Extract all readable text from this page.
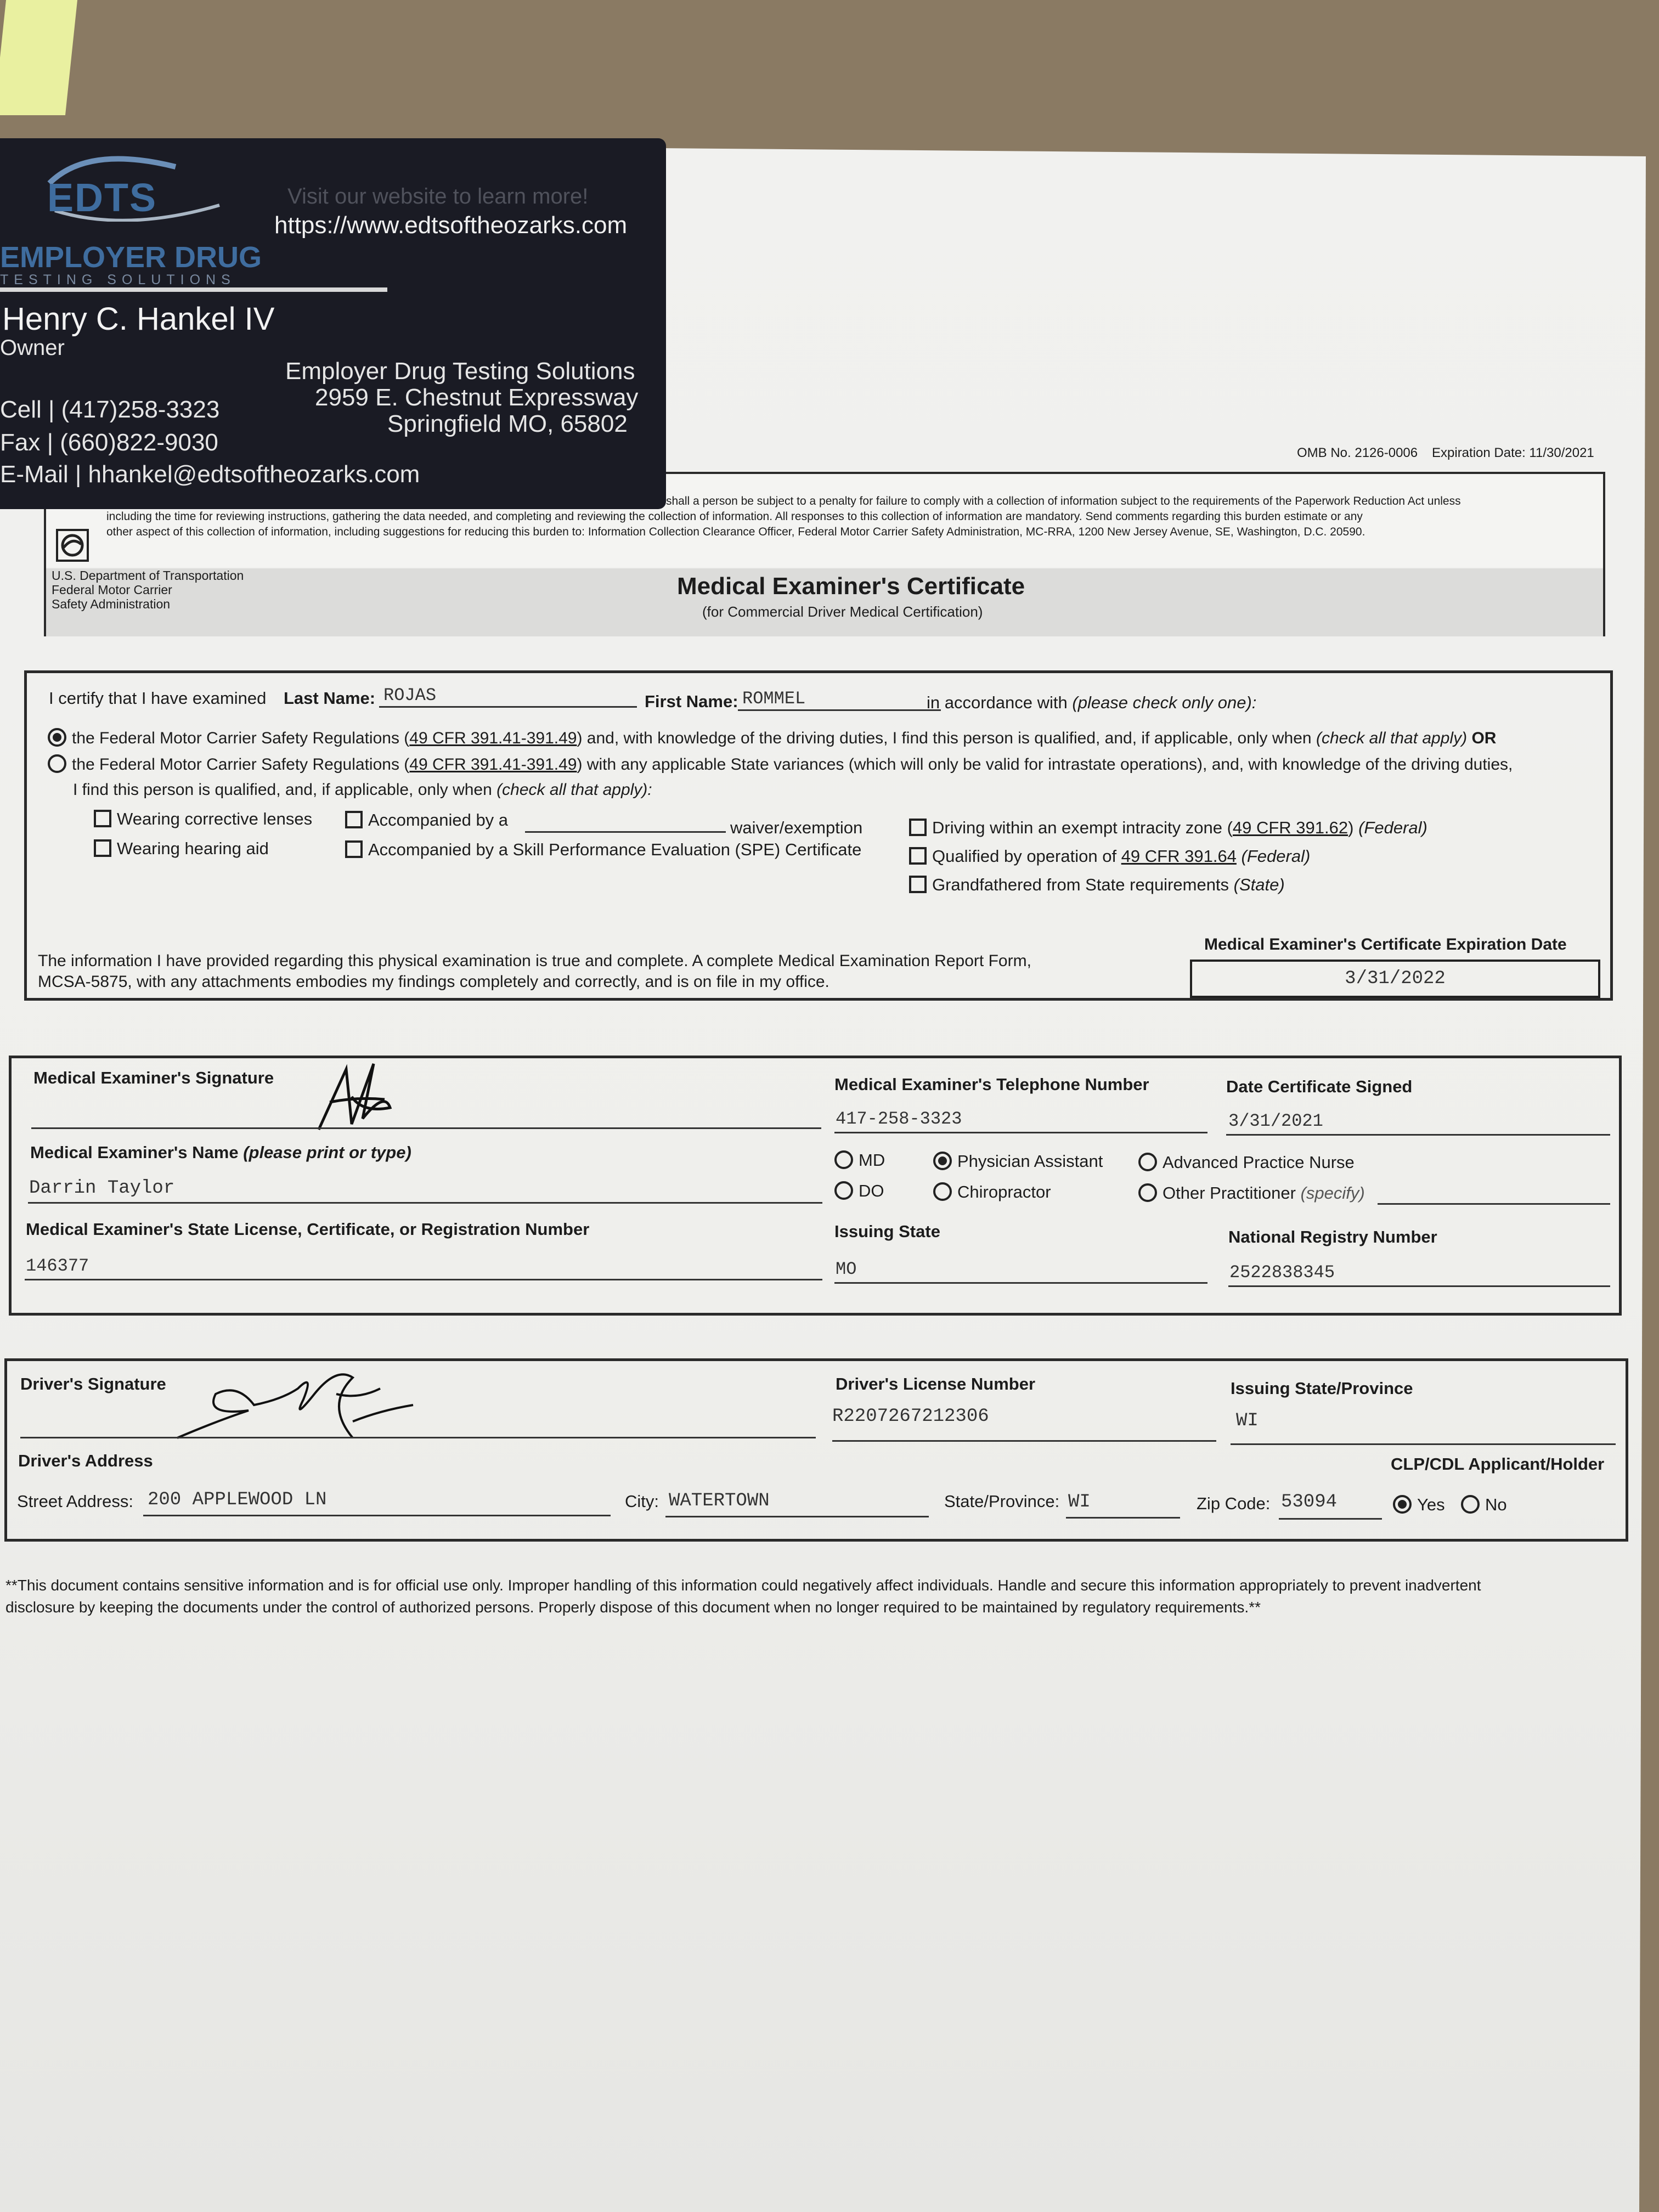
OMB No. 2126-0006 Expiration Date: 11/30/2021
shall a person be subject to a penalty for failure to comply with a collection of information subject to the requirements of the Paperwork Reduction Act unless
including the time for reviewing instructions, gathering the data needed, and completing and reviewing the collection of information. All responses to this collection of information are mandatory. Send comments regarding this burden estimate or any
other aspect of this collection of information, including suggestions for reducing this burden to: Information Collection Clearance Officer, Federal Motor Carrier Safety Administration, MC-RRA, 1200 New Jersey Avenue, SE, Washington, D.C. 20590.
U.S. Department of Transportation
Federal Motor Carrier
Safety Administration
Medical Examiner's Certificate
(for Commercial Driver Medical Certification)
I certify that I have examined Last Name: ROJAS	First Name: ROMMEL	in accordance with (please check only one):
the Federal Motor Carrier Safety Regulations (49 CFR 391.41-391.49) and, with knowledge of the driving duties, I find this person is qualified, and, if applicable, only when (check all that apply) OR
the Federal Motor Carrier Safety Regulations (49 CFR 391.41-391.49) with any applicable State variances (which will only be valid for intrastate operations), and, with knowledge of the driving duties,
I find this person is qualified, and, if applicable, only when (check all that apply):
Wearing corrective lenses
Wearing hearing aid
Accompanied by a	waiver/exemption
Accompanied by a Skill Performance Evaluation (SPE) Certificate
Driving within an exempt intracity zone (49 CFR 391.62) (Federal)
Qualified by operation of 49 CFR 391.64 (Federal)
Grandfathered from State requirements (State)
The information I have provided regarding this physical examination is true and complete. A complete Medical Examination Report Form,
MCSA-5875, with any attachments embodies my findings completely and correctly, and is on file in my office.
Medical Examiner's Certificate Expiration Date
3/31/2022
Medical Examiner's Signature	Medical Examiner's Telephone Number
417-258-3323
Date Certificate Signed
3/31/2021
Medical Examiner's Name (please print or type)
Darrin Taylor
MD
DO
Physician Assistant
Chiropractor
Advanced Practice Nurse
Other Practitioner (specify)
Medical Examiner's State License, Certificate, or Registration Number
146377
Issuing State
MO
National Registry Number
2522838345
Driver's Signature	Driver's License Number
R2207267212306
Issuing State/Province
WI
Driver's Address	CLP/CDL Applicant/Holder
Street Address: 200 APPLEWOOD LN	City: WATERTOWN	State/Province: WI	Zip Code: 53094	Yes	No
**This document contains sensitive information and is for official use only. Improper handling of this information could negatively affect individuals. Handle and secure this information appropriately to prevent inadvertent
disclosure by keeping the documents under the control of authorized persons. Properly dispose of this document when no longer required to be maintained by regulatory requirements.**
EDTS
EMPLOYER DRUG
TESTING SOLUTIONS
Visit our website to learn more!
https://www.edtsoftheozarks.com
Henry C. Hankel IV
Owner
Employer Drug Testing Solutions
2959 E. Chestnut Expressway
Springfield MO, 65802
Cell | (417)258-3323
Fax | (660)822-9030
E-Mail | hhankel@edtsoftheozarks.com
